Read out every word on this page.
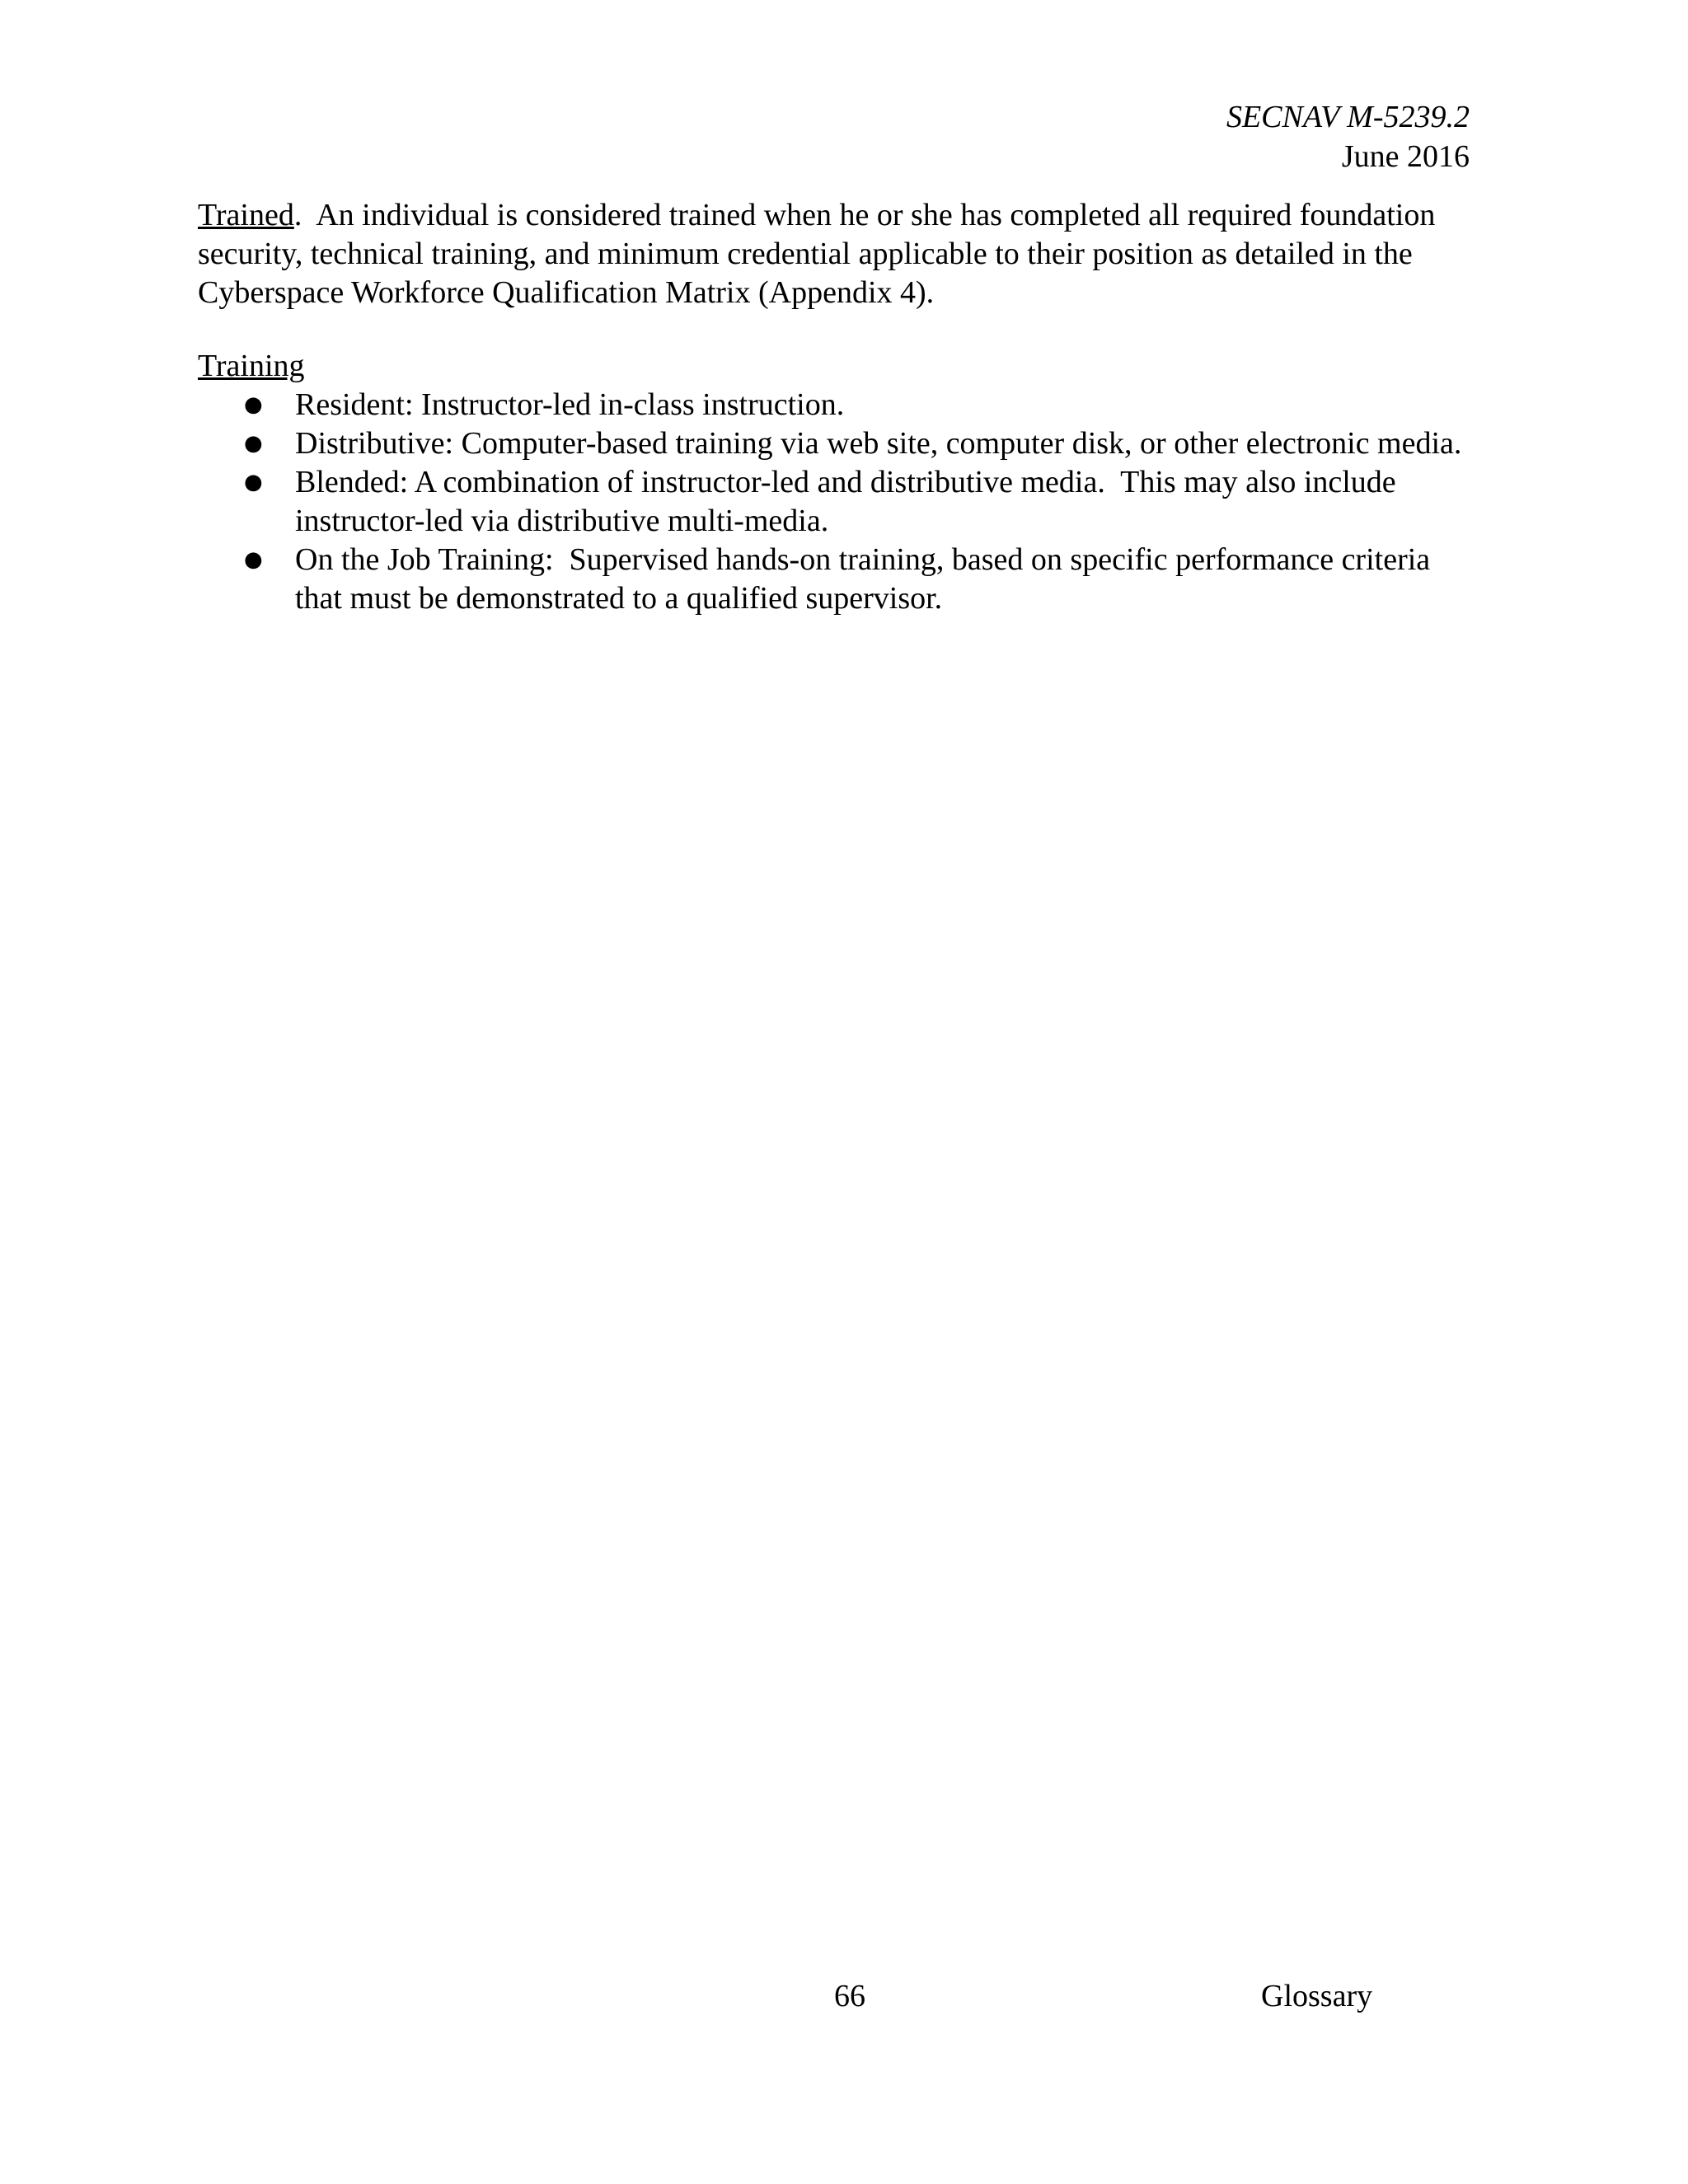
SECNAV M-5239.2
June 2016

Trained.  An individual is considered trained when he or she has completed all required foundation security, technical training, and minimum credential applicable to their position as detailed in the Cyberspace Workforce Qualification Matrix (Appendix 4).

Training

● Resident: Instructor-led in-class instruction.
● Distributive: Computer-based training via web site, computer disk, or other electronic media.
● Blended: A combination of instructor-led and distributive media.  This may also include instructor-led via distributive multi-media.
● On the Job Training:  Supervised hands-on training, based on specific performance criteria that must be demonstrated to a qualified supervisor.
66	Glossary
